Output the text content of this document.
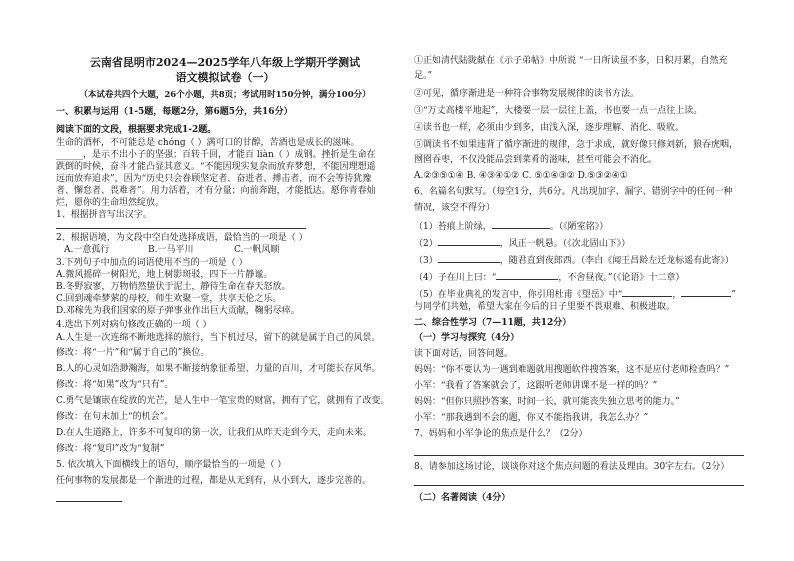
云南省昆明市2024—2025学年八年级上学期开学测试
语文模拟试卷（一）
（本试卷共四个大题，26个小题，共8页；考试用时150分钟，满分100分）
一、积累与运用（1-5题，每题2分，第6题5分，共16分）
阅读下面的文段，根据要求完成1-2题。
生命的酒杯，不可能总是 chóng（ ）满可口的甘醇，苦酒也是成长的滋味。
______，是示不出小子的坚强；百转千回，才能百 liàn（ ）成钢。挫折是生命在
跌倒的时候，奋斗才能凸显其意义。“不能因现实复杂而放弃梦想，不能因理想遥
远而放弃追求”，因为“历史只会眷顾坚定者、奋进者、搏击者，而不会等待犹豫
者、懈怠者、畏难者”。用力活着，才有分量；向前奔跑，才能抵达。愿你青春灿
烂，愿你的生命坦然绽放。
1、根据拼音写出汉字。
2、根据语境，为文段中空白处选择成语，最恰当的一项是（ ）
A.一意孤行	B.一马平川	C.一帆风顺
3.下列句子中加点的词语使用不当的一项是（ ）
A.微风摇碎一树阳光，地上树影斑驳，四下一片静谧。
B.冬野寂寥，万物悄然蛰伏于泥土，静待生命在春天怒放。
C.回到魂牵梦萦的母校，师生欢聚一堂，共享天伦之乐。
D.邓稼先为我们国家的原子弹事业作出巨大贡献，鞠躬尽瘁。
4.选出下列对病句修改正确的一项（ ）
A.人生是一次连绵不断地选择的旅行，当下机过尽，留下的就是属于自己的风景。
修改：将“一片”和“属于自己的”换位。
B.人的心灵如浩渺瀚海，如果不断接纳象征希望、力量的百川，才可能长存风华。
修改：将“如果”改为“只有”。
C.勇气是镶嵌在绽放的光芒，是人生中一笔宝贵的财富，拥有了它，就拥有了改变。
修改：在句末加上“的机会”。
D.在人生道路上，许多不可复印的第一次，让我们从昨天走到今天，走向未来。
修改：将“复印”改为“复制”
5. 依次填入下面横线上的语句，顺序最恰当的一项是（ ）
任何事物的发展都是一个渐进的过程，都是从无到有，从小到大，逐步完善的。
①正如清代陆陇献在《示子弟帖》中所说 “一日所读虽不多，日积月累，自然充
足。”
②可见，循序渐进是一种符合事物发展规律的读书方法。
③“万丈高楼平地起”，大楼要一层一层往上盖，书也要一点一点往上读。
④读书也一样，必须由少到多，由浅入深，逐步理解、消化、吸收。
⑤调读书不如果违背了循序渐进的规律，急于求成，就好像只修刘新，狼吞虎咽，
囫囵吞枣，不仅没能品尝到菜肴的滋味，甚至可能会不消化。
A.②③⑤①④ B. ④③④①② C. ⑤①④③② D.⑤③②④①
6、名篇名句默写。（每空1分，共6分。凡出现加字、漏字、错别字中的任何一种
情况，该空不得分）
（1）苔痕上阶绿，	。（《陋室铭》）
（2）	，风正一帆悬。（《次北固山下》）
（3）	，随君直到夜郎西。（李白《闻王昌龄左迁龙标遥有此寄》）
（4）子在川上曰：“	，不舍昼夜。”（《论语》十二章）
（5）在毕业典礼的发言中，你引用杜甫《望岳》中“	，	”
与同学们共勉，希望大家在今后的日子里要不畏艰难、积极进取。
二、综合性学习（7—11题，共12分）
（一）学习与探究（4分）
读下面对话，回答问题。
妈妈：“你不要认为一遇到难题就用搜题软件搜答案，这不是应付老师检查吗？”
小军：“我看了答案就会了，这跟听老师讲课不是一样的吗？”
妈妈：“但你只照抄答案，时间一长，就可能丧失独立思考的能力。”
小军：“那我遇到不会的题，你又不能指我讲，我怎么办？”
7、妈妈和小军争论的焦点是什么？（2分）
8、请参加这场讨论，谈谈你对这个焦点问题的看法及理由。30字左右。（2分）
（二）名著阅读（4分）
